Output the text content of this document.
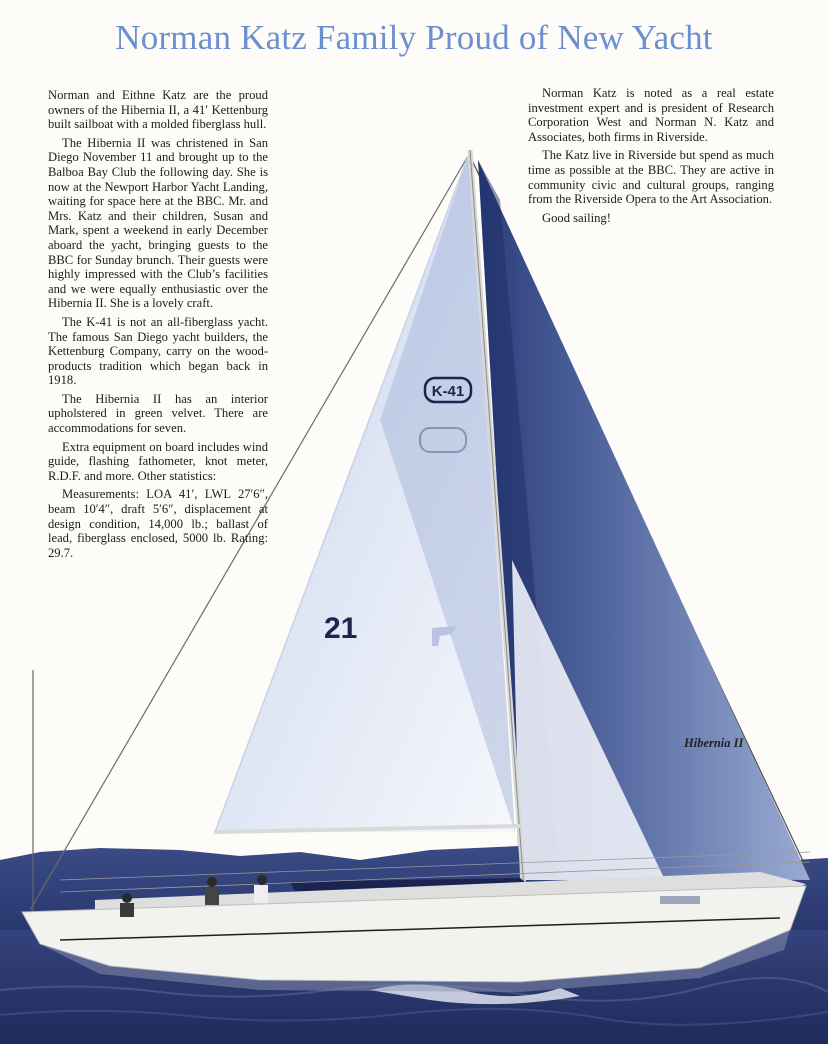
K-41
21
Norman Katz Family Proud of New Yacht

Norman and Eithne Katz are the proud owners of the Hibernia II, a 41′ Kettenburg built sailboat with a molded fiberglass hull.

The Hibernia II was christened in San Diego November 11 and brought up to the Balboa Bay Club the following day. She is now at the Newport Harbor Yacht Landing, waiting for space here at the BBC. Mr. and Mrs. Katz and their children, Susan and Mark, spent a weekend in early December aboard the yacht, bringing guests to the BBC for Sunday brunch. Their guests were highly impressed with the Club’s facilities and we were equally enthusiastic over the Hibernia II. She is a lovely craft.

The K-41 is not an all-fiberglass yacht. The famous San Diego yacht builders, the Kettenburg Company, carry on the wood-products tradition which began back in 1918.

The Hibernia II has an interior upholstered in green velvet. There are accommodations for seven.

Extra equipment on board includes wind guide, flashing fathometer, knot meter, R.D.F. and more. Other statistics:

Measurements: LOA 41′, LWL 27′6″, beam 10′4″, draft 5′6″, displacement at design condition, 14,000 lb.; ballast of lead, fiberglass enclosed, 5000 lb. Rating: 29.7.

Norman Katz is noted as a real estate investment expert and is president of Research Corporation West and Norman N. Katz and Associates, both firms in Riverside.

The Katz live in Riverside but spend as much time as possible at the BBC. They are active in community civic and cultural groups, ranging from the Riverside Opera to the Art Association.

Good sailing!

Hibernia II
